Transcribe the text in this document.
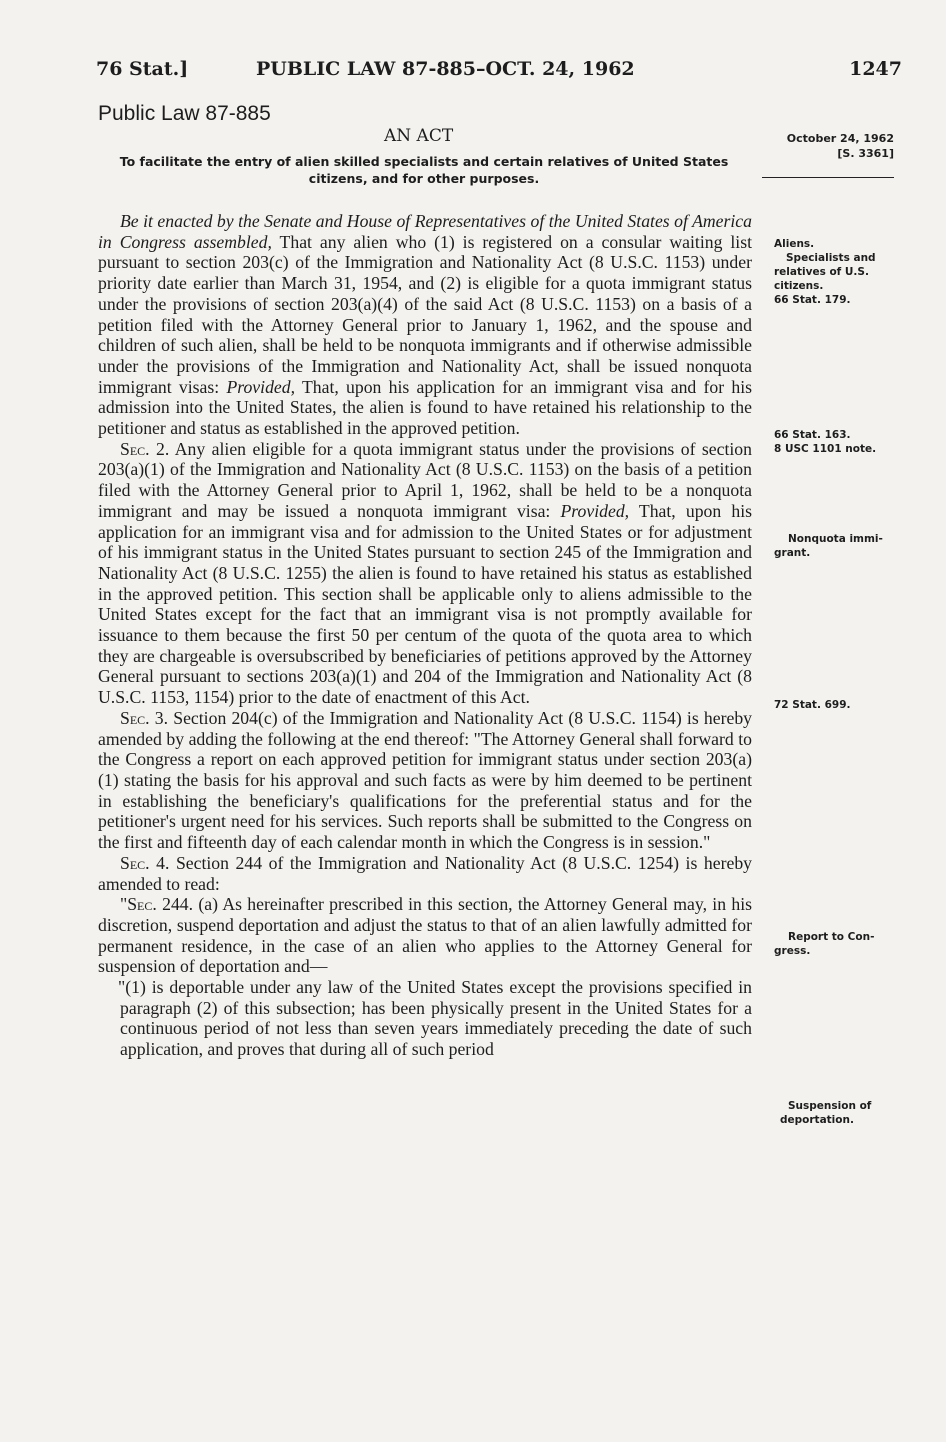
76 Stat.]	PUBLIC LAW 87-885–OCT. 24, 1962	1247
Public Law 87-885
AN ACT
To facilitate the entry of alien skilled specialists and certain relatives of United States citizens, and for other purposes.
October 24, 1962
[S. 3361]

Be it enacted by the Senate and House of Representatives of the United States of America in Congress assembled, That any alien who (1) is registered on a consular waiting list pursuant to section 203(c) of the Immigration and Nationality Act (8 U.S.C. 1153) under priority date earlier than March 31, 1954, and (2) is eligible for a quota immigrant status under the provisions of section 203(a)(4) of the said Act (8 U.S.C. 1153) on a basis of a petition filed with the Attorney General prior to January 1, 1962, and the spouse and children of such alien, shall be held to be nonquota immigrants and if otherwise admissible under the provisions of the Immigration and Nationality Act, shall be issued nonquota immigrant visas: Provided, That, upon his application for an immigrant visa and for his admission into the United States, the alien is found to have retained his relationship to the petitioner and status as established in the approved petition.

Sec. 2. Any alien eligible for a quota immigrant status under the provisions of section 203(a)(1) of the Immigration and Nationality Act (8 U.S.C. 1153) on the basis of a petition filed with the Attorney General prior to April 1, 1962, shall be held to be a nonquota immigrant and may be issued a nonquota immigrant visa: Provided, That, upon his application for an immigrant visa and for admission to the United States or for adjustment of his immigrant status in the United States pursuant to section 245 of the Immigration and Nationality Act (8 U.S.C. 1255) the alien is found to have retained his status as established in the approved petition. This section shall be applicable only to aliens admissible to the United States except for the fact that an immigrant visa is not promptly available for issuance to them because the first 50 per centum of the quota of the quota area to which they are chargeable is oversubscribed by beneficiaries of petitions approved by the Attorney General pursuant to sections 203(a)(1) and 204 of the Immigration and Nationality Act (8 U.S.C. 1153, 1154) prior to the date of enactment of this Act.

Sec. 3. Section 204(c) of the Immigration and Nationality Act (8 U.S.C. 1154) is hereby amended by adding the following at the end thereof: "The Attorney General shall forward to the Congress a report on each approved petition for immigrant status under section 203(a)(1) stating the basis for his approval and such facts as were by him deemed to be pertinent in establishing the beneficiary's qualifications for the preferential status and for the petitioner's urgent need for his services. Such reports shall be submitted to the Congress on the first and fifteenth day of each calendar month in which the Congress is in session."

Sec. 4. Section 244 of the Immigration and Nationality Act (8 U.S.C. 1254) is hereby amended to read:

"Sec. 244. (a) As hereinafter prescribed in this section, the Attorney General may, in his discretion, suspend deportation and adjust the status to that of an alien lawfully admitted for permanent residence, in the case of an alien who applies to the Attorney General for suspension of deportation and—

"(1) is deportable under any law of the United States except the provisions specified in paragraph (2) of this subsection; has been physically present in the United States for a continuous period of not less than seven years immediately preceding the date of such application, and proves that during all of such period

Aliens.
Specialists and
relatives of U.S.
citizens.
66 Stat. 179.
66 Stat. 163.
8 USC 1101 note.
Nonquota immi-
grant.
72 Stat. 699.
Report to Con-
gress.
Suspension of
deportation.
